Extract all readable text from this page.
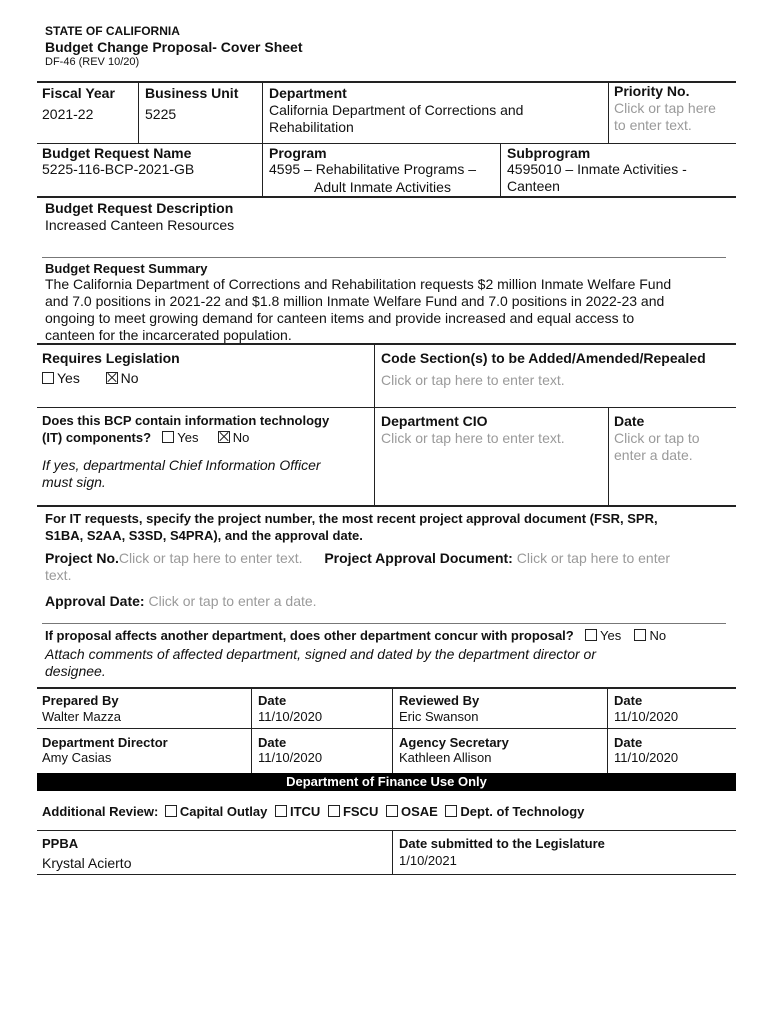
STATE OF CALIFORNIA
Budget Change Proposal- Cover Sheet
DF-46 (REV 10/20)
Fiscal Year
2021-22
Business Unit
5225
Department
California Department of Corrections and
Rehabilitation
Priority No.
Click or tap here
to enter text.
Budget Request Name
5225-116-BCP-2021-GB
Program
4595 – Rehabilitative Programs –
Adult Inmate Activities
Subprogram
4595010 – Inmate Activities -
Canteen
Budget Request Description
Increased Canteen Resources
Budget Request Summary
The California Department of Corrections and Rehabilitation requests $2 million Inmate Welfare Fund
and 7.0 positions in 2021-22 and $1.8 million Inmate Welfare Fund and 7.0 positions in 2022-23 and
ongoing to meet growing demand for canteen items and provide increased and equal access to
canteen for the incarcerated population.
Requires Legislation
Yes	No
Code Section(s) to be Added/Amended/Repealed
Click or tap here to enter text.
Does this BCP contain information technology
(IT) components? Yes	No
If yes, departmental Chief Information Officer
must sign.
Department CIO
Click or tap here to enter text.
Date
Click or tap to
enter a date.
For IT requests, specify the project number, the most recent project approval document (FSR, SPR,
S1BA, S2AA, S3SD, S4PRA), and the approval date.
Project No.Click or tap here to enter text. Project Approval Document: Click or tap here to enter
text.
Approval Date: Click or tap to enter a date.
If proposal affects another department, does other department concur with proposal? Yes No
Attach comments of affected department, signed and dated by the department director or
designee.
Prepared By
Walter Mazza
Date
11/10/2020
Reviewed By
Eric Swanson
Date
11/10/2020
Department Director
Amy Casias
Date
11/10/2020
Agency Secretary
Kathleen Allison
Date
11/10/2020
Department of Finance Use Only
Additional Review: Capital Outlay ITCU FSCU OSAE Dept. of Technology
PPBA
Krystal Acierto
Date submitted to the Legislature
1/10/2021
